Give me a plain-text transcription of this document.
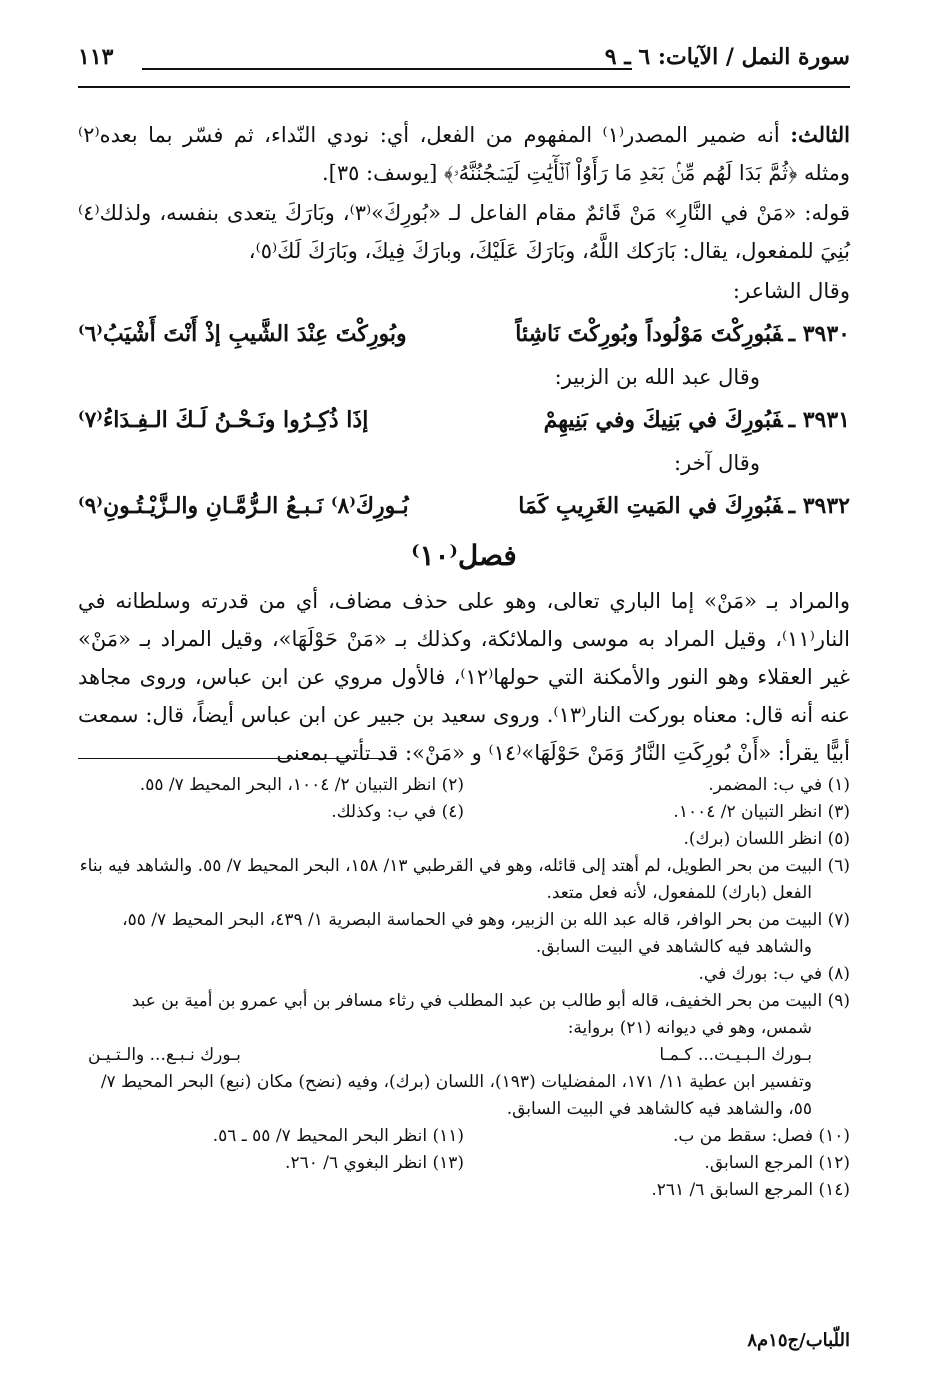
سورة النمل / الآيات: ٦ ـ ٩
١١٣

الثالث: أنه ضمير المصدر⁽١⁾ المفهوم من الفعل، أي: نودي النّداء، ثم فسّر بما بعده⁽٢⁾ ومثله ﴿ثُمَّ بَدَا لَهُم مِّنۢ بَعۡدِ مَا رَأَوُاْ ٱلۡأٓيَٰتِ لَيَسۡجُنُنَّهُۥ﴾ [يوسف: ٣٥].

قوله: «مَنْ في النَّارِ» مَنْ قَائمٌ مقام الفاعل لـ «بُورِكَ»⁽٣⁾، وبَارَكَ يتعدى بنفسه، ولذلك⁽٤⁾ بُنِيَ للمفعول، يقال: بَارَكك اللَّهُ، وبَارَكَ عَلَيْكَ، وبارَكَ فِيكَ، وبَارَكَ لَكَ⁽٥⁾،

وقال الشاعر:

٣٩٣٠ ـفَبُورِكْتَ مَوْلُوداً وبُورِكْتَ نَاشِئاً
وبُورِكْتَ عِنْدَ الشَّيبِ إذْ أَنْتَ أَشْيَبُ⁽٦⁾

وقال عبد الله بن الزبير:

٣٩٣١ ـفَبُورِكَ في بَنِيكَ وفي بَنِيهِمْ
إذَا ذُكِـرُوا ونَـحْـنُ لَـكَ الـفِـدَاءُ⁽٧⁾

وقال آخر:

٣٩٣٢ ـفَبُورِكَ في المَيتِ الغَرِيبِ كَمَا
بُـورِكَ⁽٨⁾ نَـبـعُ الـرُّمَّـانِ والـزَّيْـتُـونِ⁽٩⁾
فصل⁽١٠⁾

والمراد بـ «مَنْ» إما الباري تعالى، وهو على حذف مضاف، أي من قدرته وسلطانه في النار⁽١١⁾، وقيل المراد به موسى والملائكة، وكذلك بـ «مَنْ حَوْلَهَا»، وقيل المراد بـ «مَنْ» غير العقلاء وهو النور والأمكنة التي حولها⁽١٢⁾، فالأول مروي عن ابن عباس، وروى مجاهد عنه أنه قال: معناه بوركت النار⁽١٣⁾. وروى سعيد بن جبير عن ابن عباس أيضاً، قال: سمعت أبيًّا يقرأ: «أَنْ بُورِكَتِ النَّارُ وَمَنْ حَوْلَهَا»⁽١٤⁾ و «مَنْ»: قد تأتي بمعنى

(١) في ب: المضمر.
(٢) انظر التبيان ٢/ ١٠٠٤، البحر المحيط ٧/ ٥٥.
(٣) انظر التبيان ٢/ ١٠٠٤.
(٤) في ب: وكذلك.

(٥) انظر اللسان (برك).

(٦) البيت من بحر الطويل، لم أهتد إلى قائله، وهو في القرطبي ١٣/ ١٥٨، البحر المحيط ٧/ ٥٥. والشاهد فيه بناء الفعل (بارك) للمفعول، لأنه فعل متعد.

(٧) البيت من بحر الوافر، قاله عبد الله بن الزبير، وهو في الحماسة البصرية ١/ ٤٣٩، البحر المحيط ٧/ ٥٥، والشاهد فيه كالشاهد في البيت السابق.

(٨) في ب: بورك في.

(٩) البيت من بحر الخفيف، قاله أبو طالب بن عبد المطلب في رثاء مسافر بن أبي عمرو بن أمية بن عبد شمس، وهو في ديوانه (٢١) برواية:

بـورك الـبـيـت... كـمـا
بـورك نـبـع... والـتـيـن

وتفسير ابن عطية ١١/ ١٧١، المفضليات (١٩٣)، اللسان (برك)، وفيه (نضح) مكان (نبع) البحر المحيط ٧/ ٥٥، والشاهد فيه كالشاهد في البيت السابق.

(١٠) فصل: سقط من ب.
(١١) انظر البحر المحيط ٧/ ٥٥ ـ ٥٦.
(١٢) المرجع السابق.
(١٣) انظر البغوي ٦/ ٢٦٠.

(١٤) المرجع السابق ٦/ ٢٦١.

اللّباب/ج١٥م٨
